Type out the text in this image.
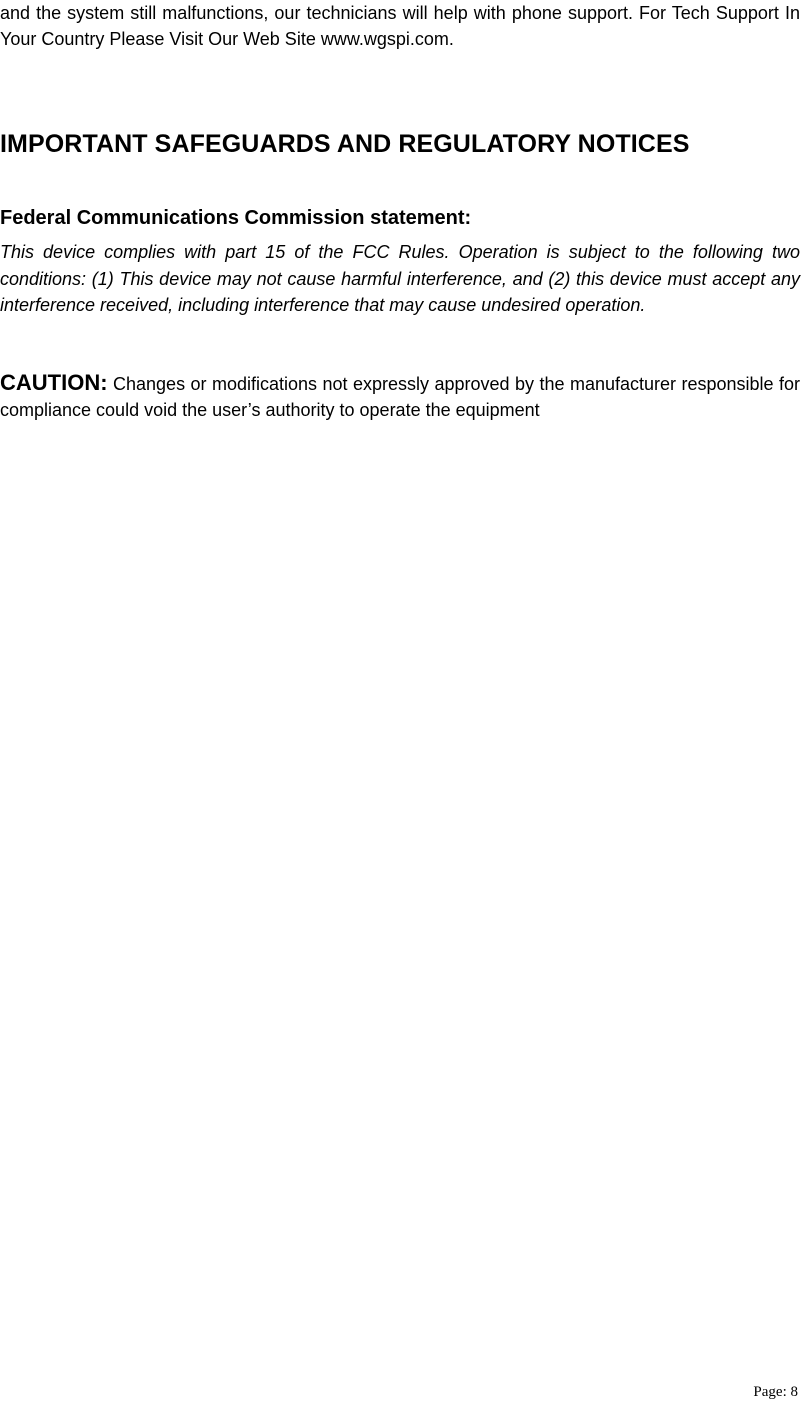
and the system still malfunctions, our technicians will help with phone support. For Tech Support In Your Country Please Visit Our Web Site www.wgspi.com.

IMPORTANT SAFEGUARDS AND REGULATORY NOTICES
Federal Communications Commission statement:

This device complies with part 15 of the FCC Rules. Operation is subject to the following two conditions: (1) This device may not cause harmful interference, and (2) this device must accept any interference received, including interference that may cause undesired operation.

CAUTION: Changes or modifications not expressly approved by the manufacturer responsible for compliance could void the user’s authority to operate the equipment

Page: 8
